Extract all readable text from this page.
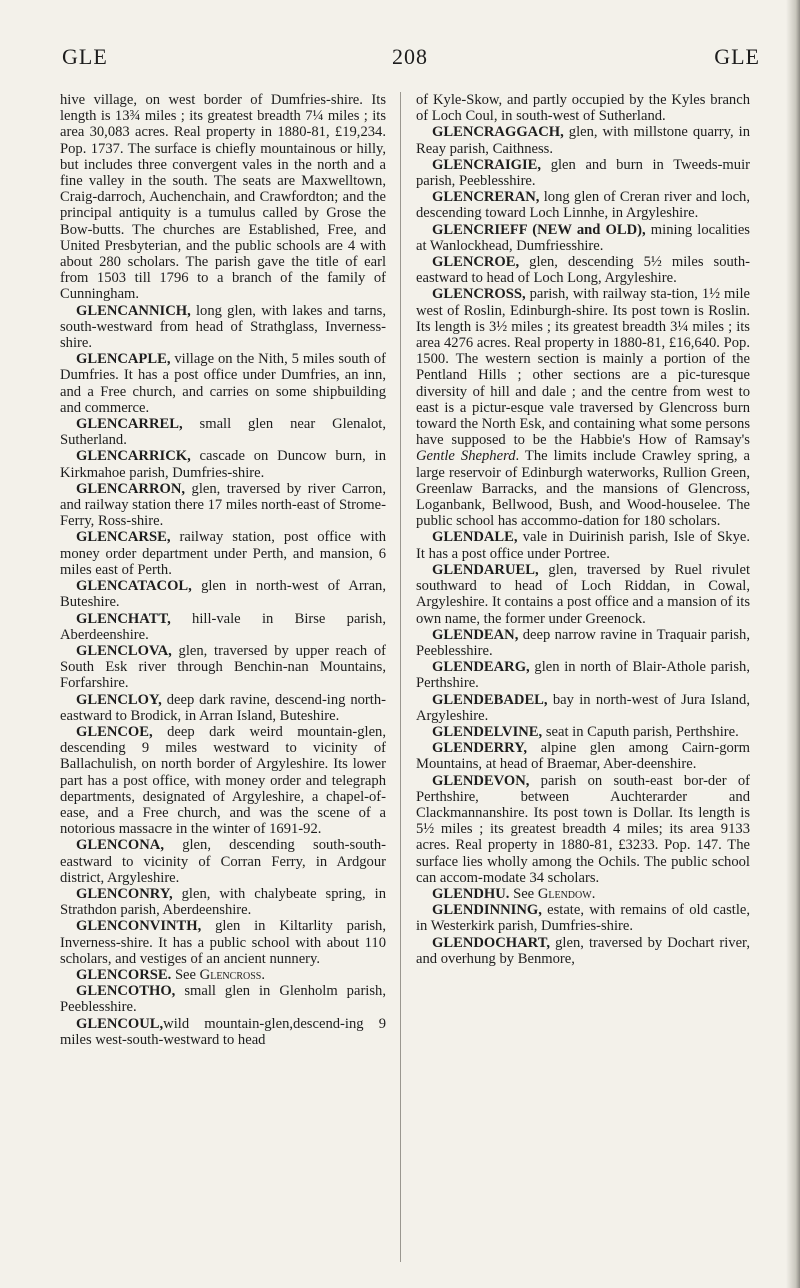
GLE	208	GLE

hive village, on west border of Dumfries-shire. Its length is 13¾ miles ; its greatest breadth 7¼ miles ; its area 30,083 acres. Real property in 1880-81, £19,234. Pop. 1737. The surface is chiefly mountainous or hilly, but includes three convergent vales in the north and a fine valley in the south. The seats are Maxwelltown, Craig-darroch, Auchenchain, and Crawfordton; and the principal antiquity is a tumulus called by Grose the Bow-butts. The churches are Established, Free, and United Presbyterian, and the public schools are 4 with about 280 scholars. The parish gave the title of earl from 1503 till 1796 to a branch of the family of Cunningham.

GLENCANNICH, long glen, with lakes and tarns, south-westward from head of Strathglass, Inverness-shire.

GLENCAPLE, village on the Nith, 5 miles south of Dumfries. It has a post office under Dumfries, an inn, and a Free church, and carries on some shipbuilding and commerce.

GLENCARREL, small glen near Glenalot, Sutherland.

GLENCARRICK, cascade on Duncow burn, in Kirkmahoe parish, Dumfries-shire.

GLENCARRON, glen, traversed by river Carron, and railway station there 17 miles north-east of Strome-Ferry, Ross-shire.

GLENCARSE, railway station, post office with money order department under Perth, and mansion, 6 miles east of Perth.

GLENCATACOL, glen in north-west of Arran, Buteshire.

GLENCHATT, hill-vale in Birse parish, Aberdeenshire.

GLENCLOVA, glen, traversed by upper reach of South Esk river through Benchin-nan Mountains, Forfarshire.

GLENCLOY, deep dark ravine, descend-ing north-eastward to Brodick, in Arran Island, Buteshire.

GLENCOE, deep dark weird mountain-glen, descending 9 miles westward to vicinity of Ballachulish, on north border of Argyleshire. Its lower part has a post office, with money order and telegraph departments, designated of Argyleshire, a chapel-of-ease, and a Free church, and was the scene of a notorious massacre in the winter of 1691-92.

GLENCONA, glen, descending south-south-eastward to vicinity of Corran Ferry, in Ardgour district, Argyleshire.

GLENCONRY, glen, with chalybeate spring, in Strathdon parish, Aberdeenshire.

GLENCONVINTH, glen in Kiltarlity parish, Inverness-shire. It has a public school with about 110 scholars, and vestiges of an ancient nunnery.

GLENCORSE. See Glencross.

GLENCOTHO, small glen in Glenholm parish, Peeblesshire.

GLENCOUL,wild mountain-glen,descend-ing 9 miles west-south-westward to head

of Kyle-Skow, and partly occupied by the Kyles branch of Loch Coul, in south-west of Sutherland.

GLENCRAGGACH, glen, with millstone quarry, in Reay parish, Caithness.

GLENCRAIGIE, glen and burn in Tweeds-muir parish, Peeblesshire.

GLENCRERAN, long glen of Creran river and loch, descending toward Loch Linnhe, in Argyleshire.

GLENCRIEFF (NEW and OLD), mining localities at Wanlockhead, Dumfriesshire.

GLENCROE, glen, descending 5½ miles south-eastward to head of Loch Long, Argyleshire.

GLENCROSS, parish, with railway sta-tion, 1½ mile west of Roslin, Edinburgh-shire. Its post town is Roslin. Its length is 3½ miles ; its greatest breadth 3¼ miles ; its area 4276 acres. Real property in 1880-81, £16,640. Pop. 1500. The western section is mainly a portion of the Pentland Hills ; other sections are a pic-turesque diversity of hill and dale ; and the centre from west to east is a pictur-esque vale traversed by Glencross burn toward the North Esk, and containing what some persons have supposed to be the Habbie's How of Ramsay's Gentle Shepherd. The limits include Crawley spring, a large reservoir of Edinburgh waterworks, Rullion Green, Greenlaw Barracks, and the mansions of Glencross, Loganbank, Bellwood, Bush, and Wood-houselee. The public school has accommo-dation for 180 scholars.

GLENDALE, vale in Duirinish parish, Isle of Skye. It has a post office under Portree.

GLENDARUEL, glen, traversed by Ruel rivulet southward to head of Loch Riddan, in Cowal, Argyleshire. It contains a post office and a mansion of its own name, the former under Greenock.

GLENDEAN, deep narrow ravine in Traquair parish, Peeblesshire.

GLENDEARG, glen in north of Blair-Athole parish, Perthshire.

GLENDEBADEL, bay in north-west of Jura Island, Argyleshire.

GLENDELVINE, seat in Caputh parish, Perthshire.

GLENDERRY, alpine glen among Cairn-gorm Mountains, at head of Braemar, Aber-deenshire.

GLENDEVON, parish on south-east bor-der of Perthshire, between Auchterarder and Clackmannanshire. Its post town is Dollar. Its length is 5½ miles ; its greatest breadth 4 miles; its area 9133 acres. Real property in 1880-81, £3233. Pop. 147. The surface lies wholly among the Ochils. The public school can accom-modate 34 scholars.

GLENDHU. See Glendow.

GLENDINNING, estate, with remains of old castle, in Westerkirk parish, Dumfries-shire.

GLENDOCHART, glen, traversed by Dochart river, and overhung by Benmore,
